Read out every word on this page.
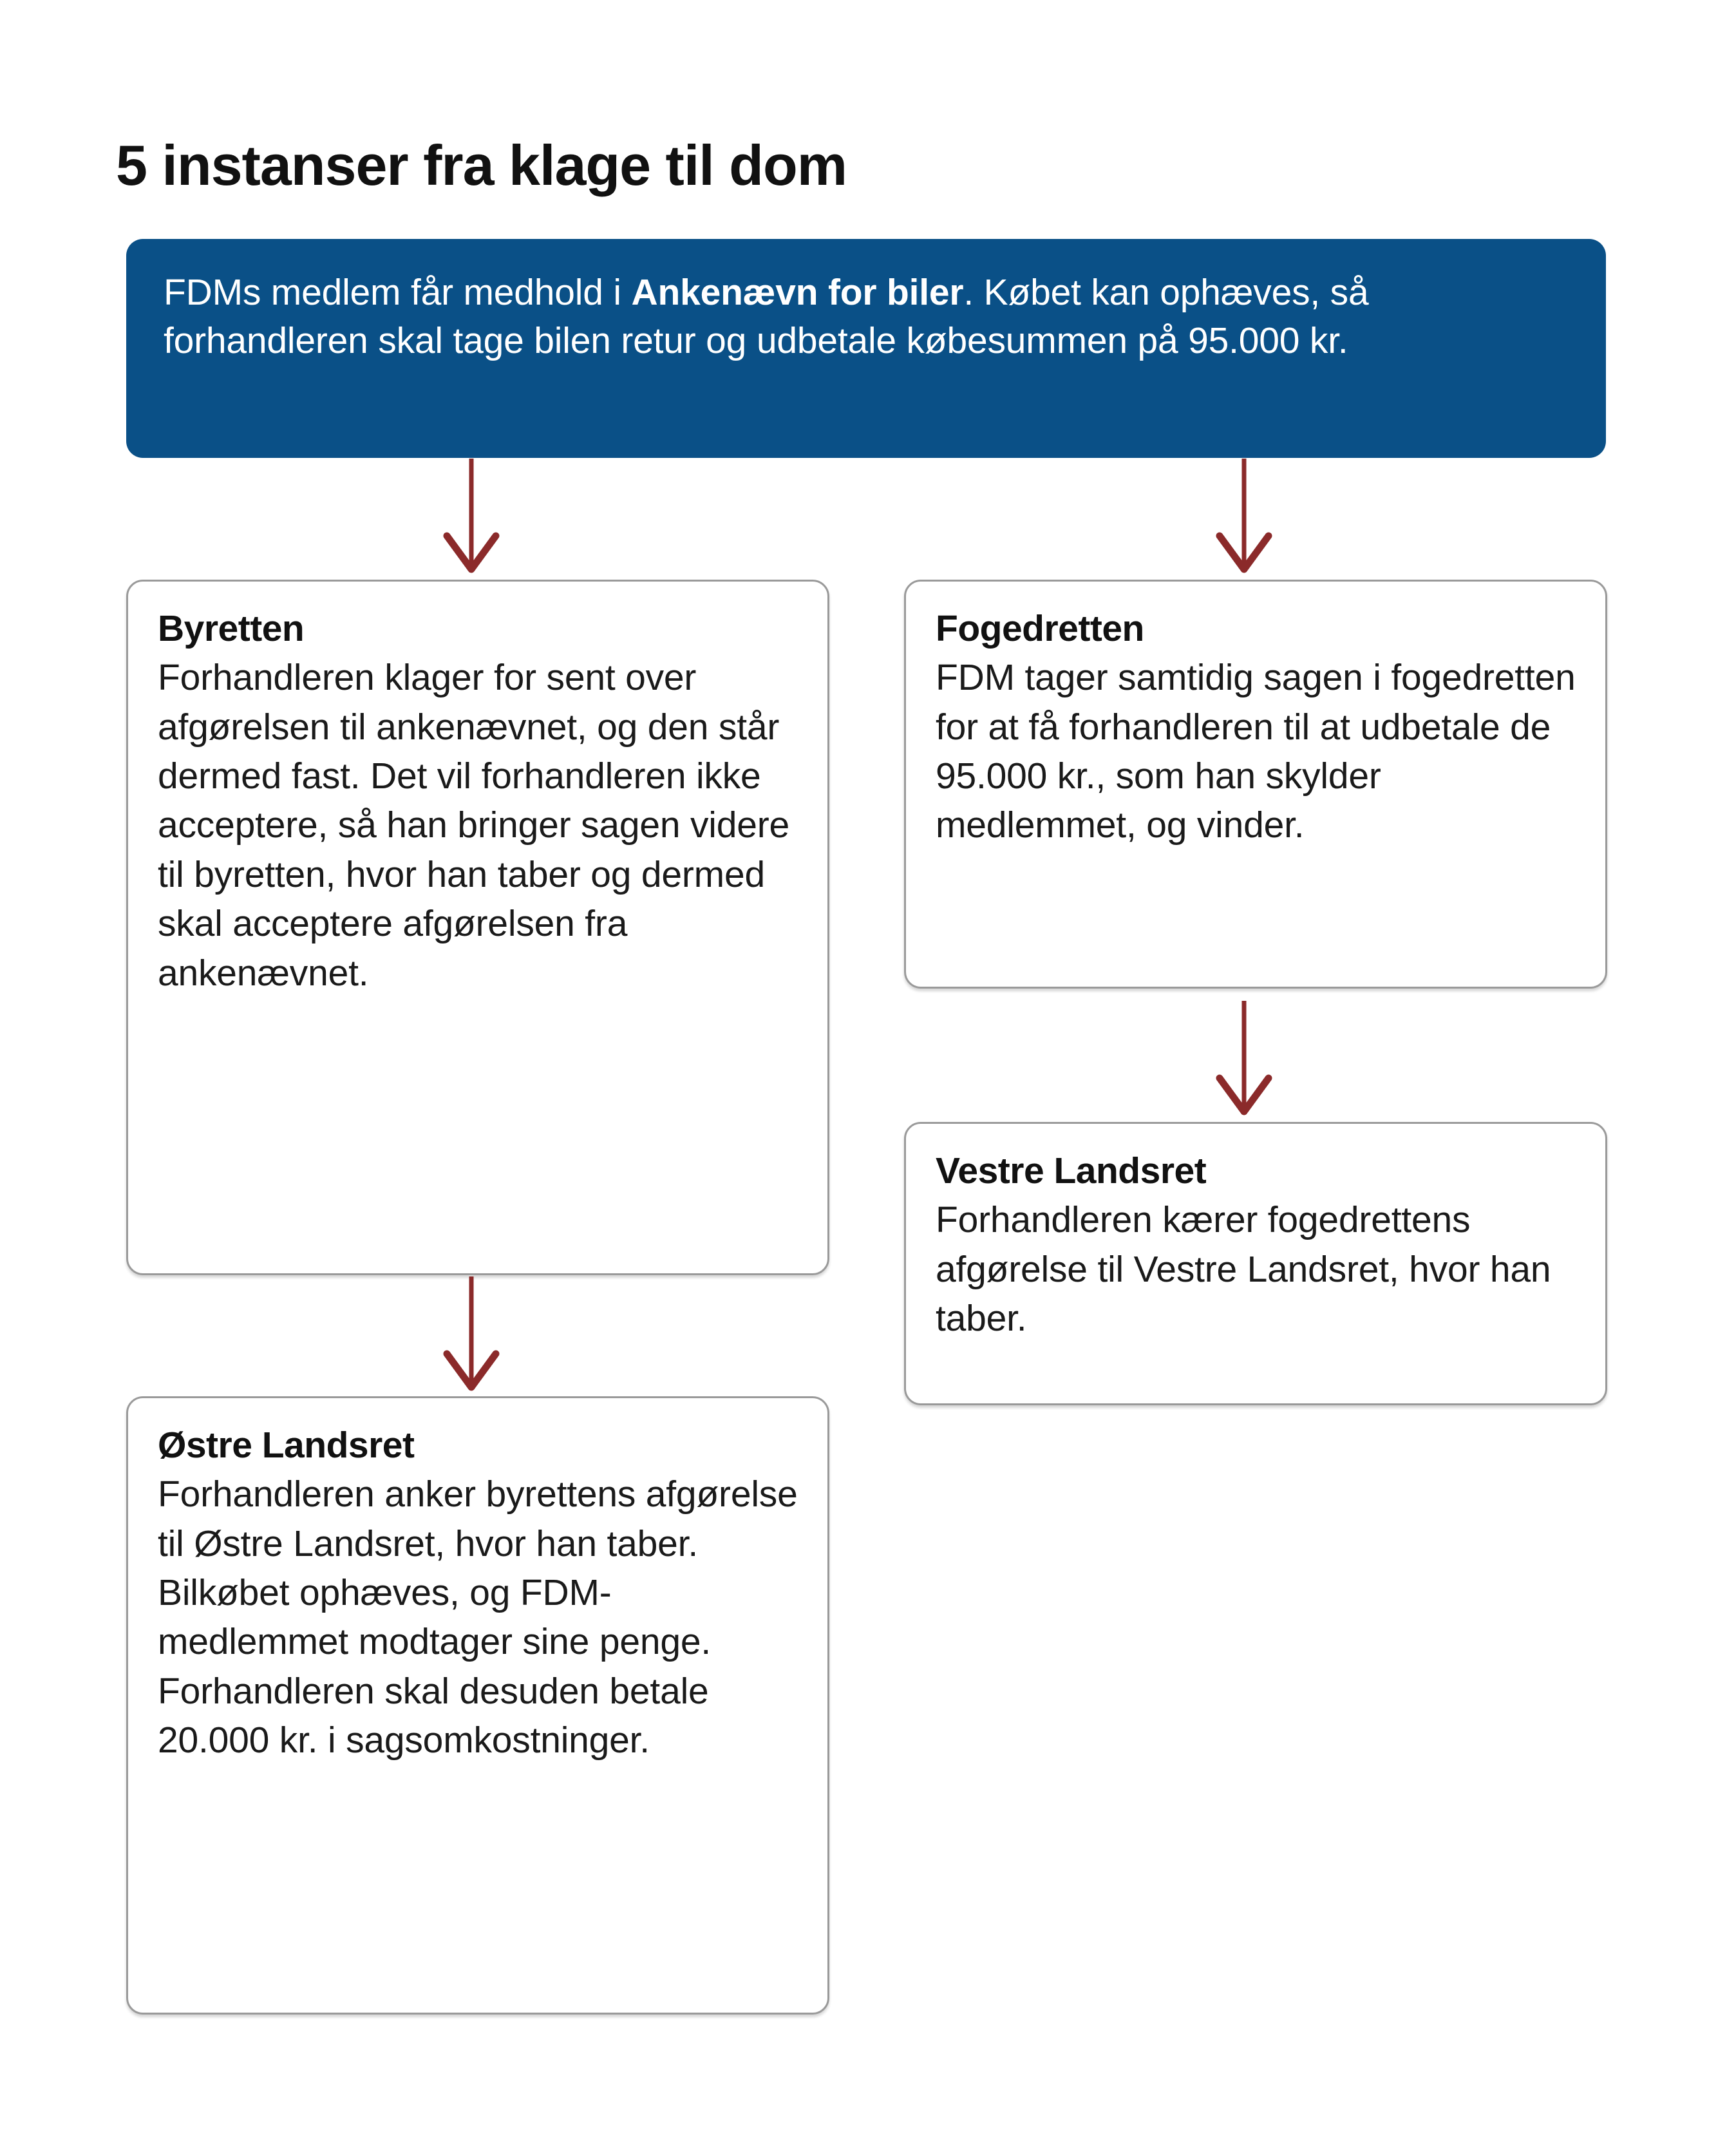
5 instanser fra klage til dom
FDMs medlem får medhold i Ankenævn for biler. Købet kan ophæves, så forhandleren skal tage bilen retur og udbetale købesummen på 95.000 kr.
Byretten
Forhandleren klager for sent over afgørelsen til ankenævnet, og den står dermed fast. Det vil forhandleren ikke acceptere, så han bringer sagen videre til byretten, hvor han taber og dermed skal acceptere afgørelsen fra ankenævnet.
Fogedretten
FDM tager samtidig sagen i fogedretten for at få forhandleren til at udbetale de 95.000 kr., som han skylder medlemmet, og vinder.
Vestre Landsret
Forhandleren kærer fogedrettens afgørelse til Vestre Landsret, hvor han taber.
Østre Landsret
Forhandleren anker byrettens afgørelse til Østre Landsret, hvor han taber. Bilkøbet ophæves, og FDM-medlemmet modtager sine penge. Forhandleren skal desuden betale 20.000 kr. i sagsomkostninger.
